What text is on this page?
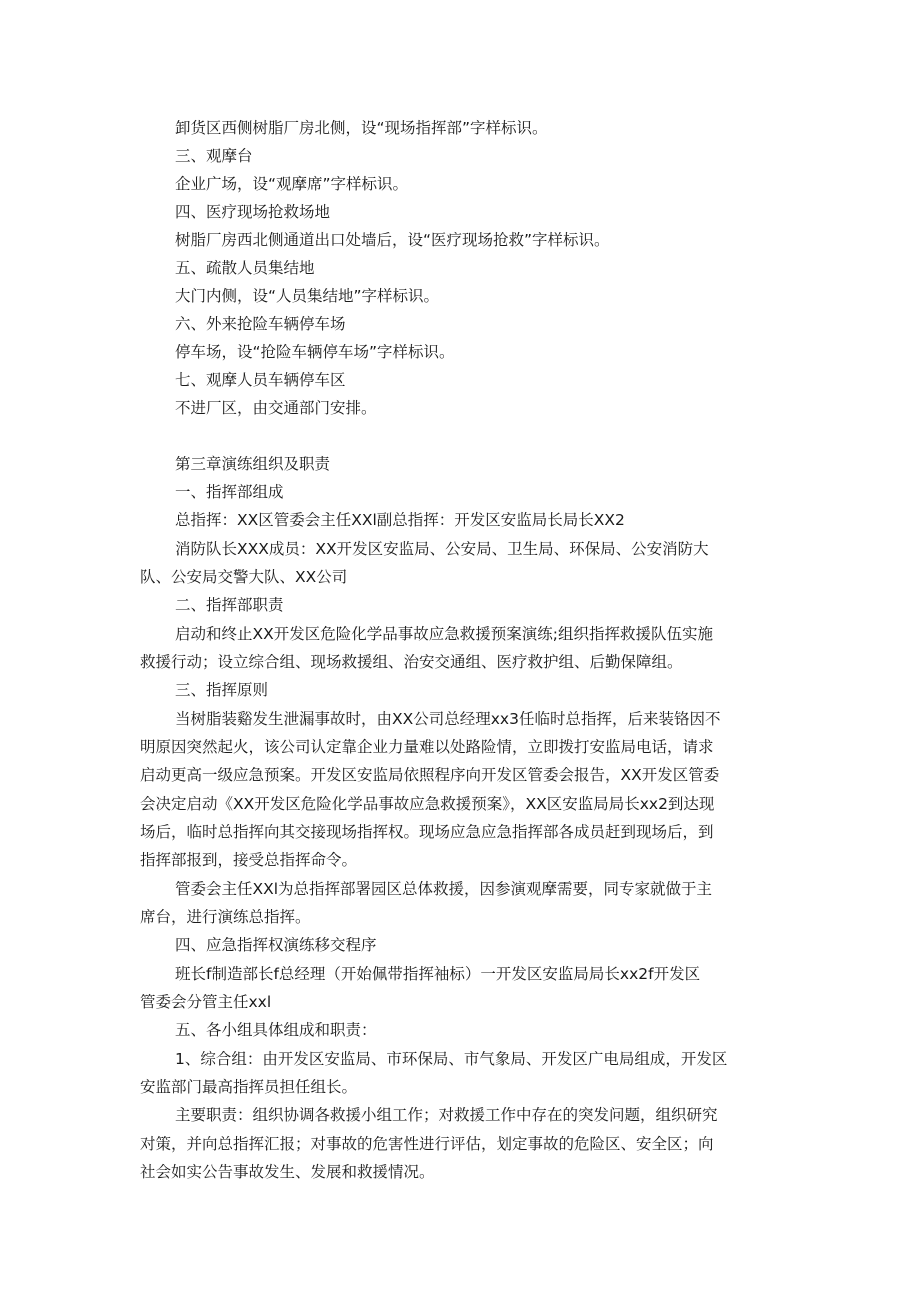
卸货区西侧树脂厂房北侧，设“现场指挥部”字样标识。
三、观摩台
企业广场，设“观摩席”字样标识。
四、医疗现场抢救场地
树脂厂房西北侧通道出口处墙后，设“医疗现场抢救”字样标识。
五、疏散人员集结地
大门内侧，设“人员集结地”字样标识。
六、外来抢险车辆停车场
停车场，设“抢险车辆停车场”字样标识。
七、观摩人员车辆停车区
不进厂区，由交通部门安排。
第三章演练组织及职责
一、指挥部组成
总指挥：XX区管委会主任XXl副总指挥：开发区安监局长局长XX2
消防队长XXX成员：XX开发区安监局、公安局、卫生局、环保局、公安消防大
队、公安局交警大队、XX公司
二、指挥部职责
启动和终止XX开发区危险化学品事故应急救援预案演练;组织指挥救援队伍实施
救援行动；设立综合组、现场救援组、治安交通组、医疗救护组、后勤保障组。
三、指挥原则
当树脂装谿发生泄漏事故时，由XX公司总经理xx3任临时总指挥，后来装铬因不
明原因突然起火，该公司认定靠企业力量难以处路险情，立即拨打安监局电话，请求
启动更高一级应急预案。开发区安监局依照程序向开发区管委会报告，XX开发区管委
会决定启动《XX开发区危险化学品事故应急救援预案》，XX区安监局局长xx2到达现
场后，临时总指挥向其交接现场指挥权。现场应急应急指挥部各成员赶到现场后，到
指挥部报到，接受总指挥命令。
管委会主任XXl为总指挥部署园区总体救援，因参演观摩需要，同专家就做于主
席台，进行演练总指挥。
四、应急指挥权演练移交程序
班长f制造部长f总经理（开始佩带指挥袖标）一开发区安监局局长xx2f开发区
管委会分管主任xxl
五、各小组具体组成和职责：
1、综合组：由开发区安监局、市环保局、市气象局、开发区广电局组成，开发区
安监部门最高指挥员担任组长。
主要职责：组织协调各救援小组工作；对救援工作中存在的突发问题，组织研究
对策，并向总指挥汇报；对事故的危害性进行评估，划定事故的危险区、安全区；向
社会如实公告事故发生、发展和救援情况。
